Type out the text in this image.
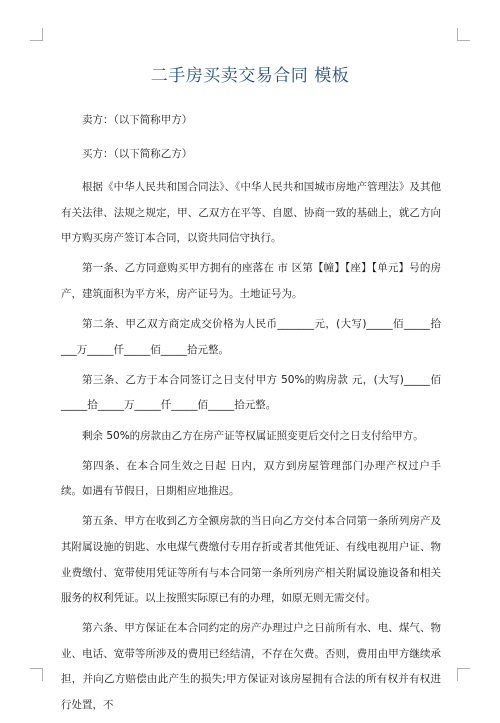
二手房买卖交易合同 模板

卖方：（以下简称甲方）

买方：（以下简称乙方）

根据《中华人民共和国合同法》、《中华人民共和国城市房地产管理法》及其他有关法律、法规之规定，甲、乙双方在平等、自愿、协商一致的基础上，就乙方向甲方购买房产签订本合同，以资共同信守执行。

第一条、乙方同意购买甲方拥有的座落在 市 区第【幢】【座】【单元】号的房产，建筑面积为平方米，房产证号为。土地证号为。

第二条、甲乙双方商定成交价格为人民币_______元，(大写)_____佰_____拾___万_____仟_____佰_____拾元整。

第三条、乙方于本合同签订之日支付甲方 50%的购房款 元，(大写)_____佰_____拾_____万_____仟_____佰_____拾元整。

剩余 50%的房款由乙方在房产证等权属证照变更后交付之日支付给甲方。

第四条、在本合同生效之日起 日内，双方到房屋管理部门办理产权过户手续。如遇有节假日，日期相应地推迟。

第五条、甲方在收到乙方全额房款的当日向乙方交付本合同第一条所列房产及其附属设施的钥匙、水电煤气费缴付专用存折或者其他凭证、有线电视用户证、物业费缴付、宽带使用凭证等所有与本合同第一条所列房产相关附属设施设备和相关服务的权利凭证。以上按照实际原已有的办理，如原无则无需交付。

第六条、甲方保证在本合同约定的房产办理过户之日前所有水、电、煤气、物业、电话、宽带等所涉及的费用已经结清，不存在欠费。否则，费用由甲方继续承担，并向乙方赔偿由此产生的损失;甲方保证对该房屋拥有合法的所有权并有权进行处置，不
